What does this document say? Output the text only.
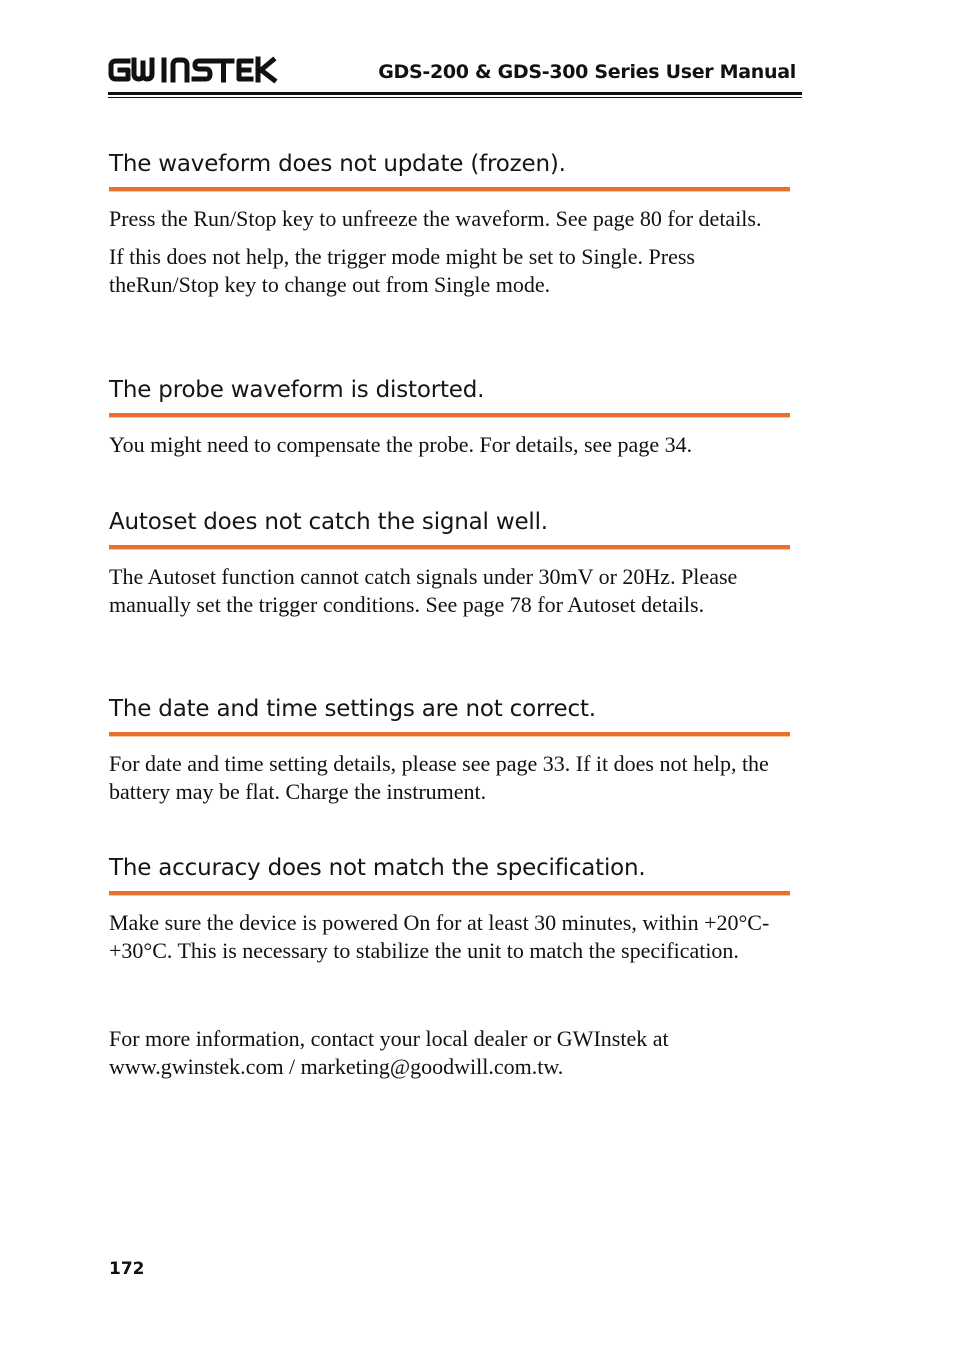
GDS-200 & GDS-300 Series User Manual
The waveform does not update (frozen).

Press the Run/Stop key to unfreeze the waveform. See page 80 for details.

If this does not help, the trigger mode might be set to Single. Press theRun/Stop key to change out from Single mode.

The probe waveform is distorted.

You might need to compensate the probe. For details, see page 34.

Autoset does not catch the signal well.

The Autoset function cannot catch signals under 30mV or 20Hz. Please manually set the trigger conditions. See page 78 for Autoset details.

The date and time settings are not correct.

For date and time setting details, please see page 33. If it does not help, the battery may be flat. Charge the instrument.

The accuracy does not match the specification.

Make sure the device is powered On for at least 30 minutes, within +20°C-+30°C. This is necessary to stabilize the unit to match the specification.

For more information, contact your local dealer or GWInstek at www.gwinstek.com / marketing@goodwill.com.tw.

172
